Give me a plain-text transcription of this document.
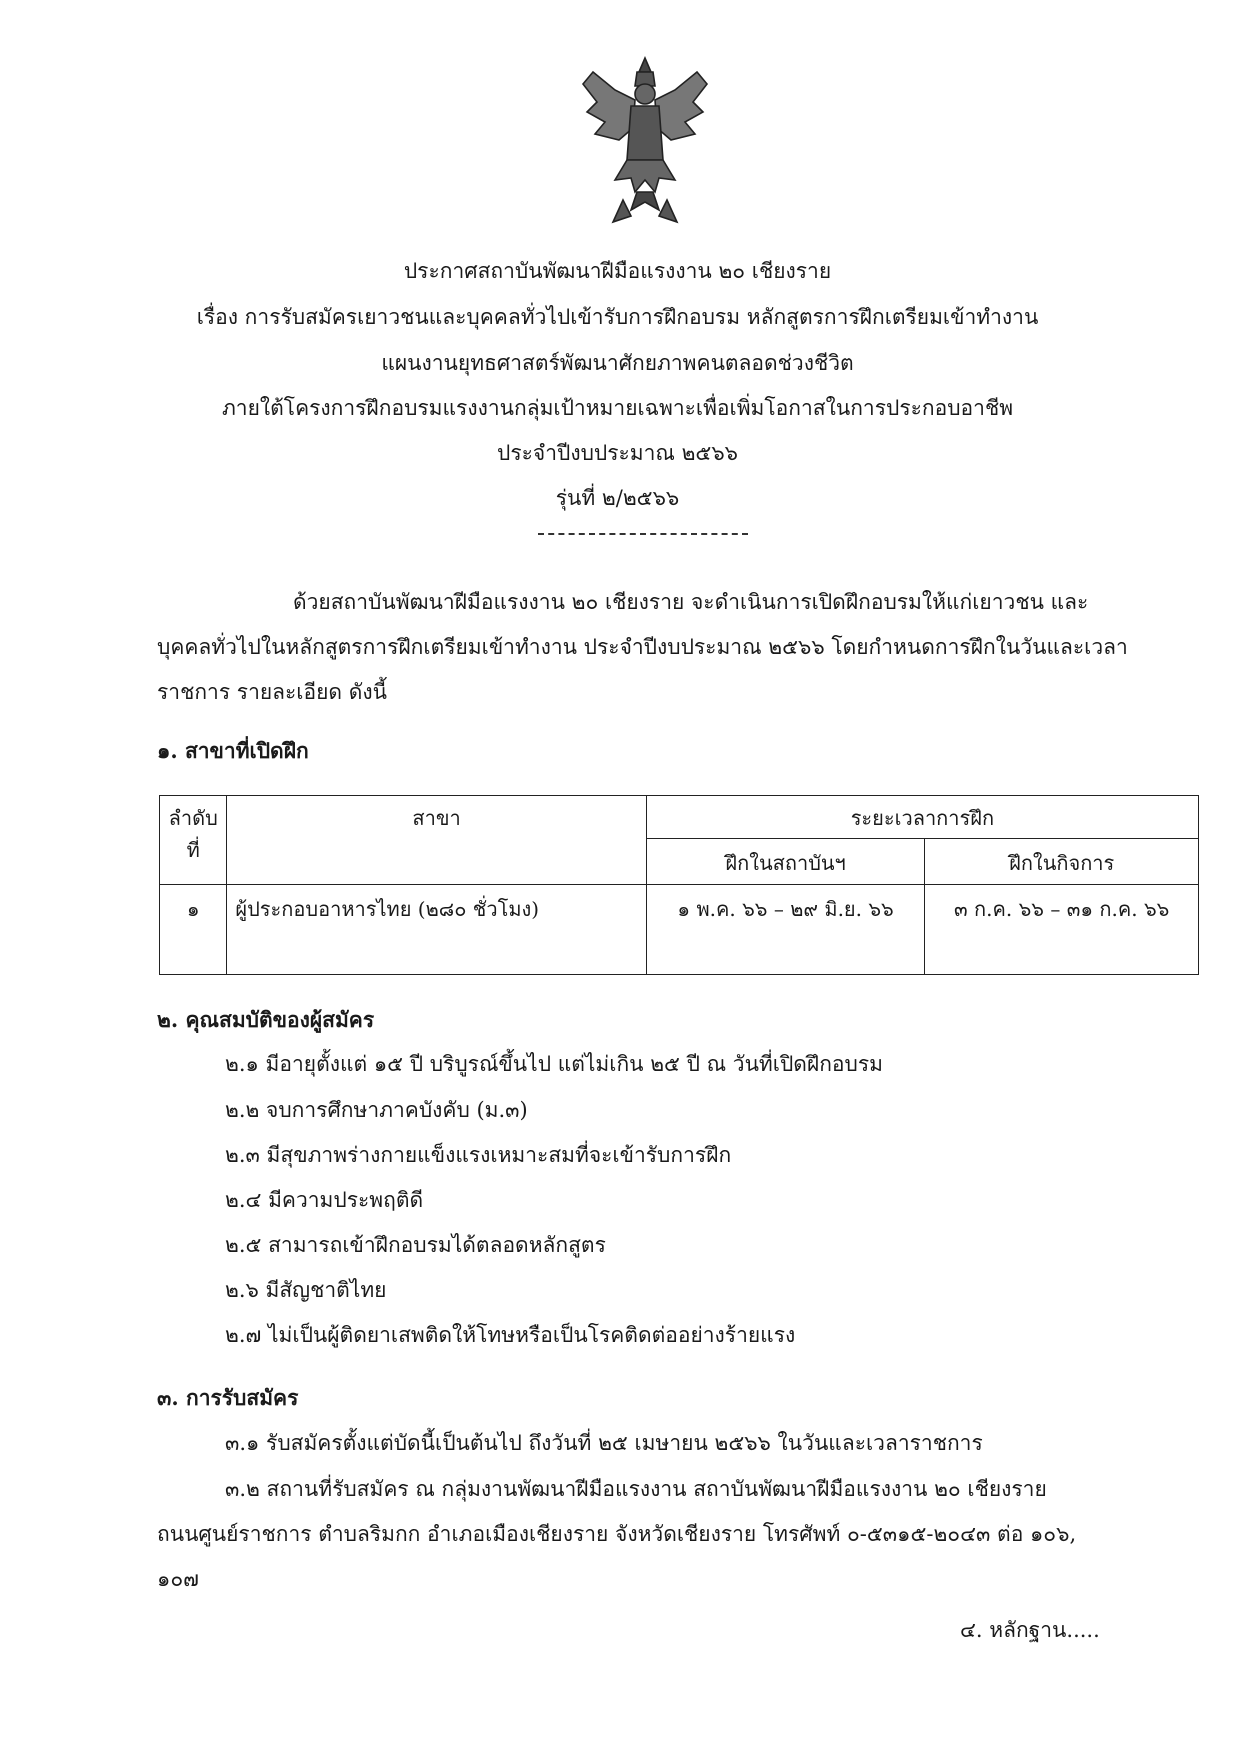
ประกาศสถาบันพัฒนาฝีมือแรงงาน ๒๐ เชียงราย
เรื่อง การรับสมัครเยาวชนและบุคคลทั่วไปเข้ารับการฝึกอบรม หลักสูตรการฝึกเตรียมเข้าทำงาน
แผนงานยุทธศาสตร์พัฒนาศักยภาพคนตลอดช่วงชีวิต
ภายใต้โครงการฝึกอบรมแรงงานกลุ่มเป้าหมายเฉพาะเพื่อเพิ่มโอกาสในการประกอบอาชีพ
ประจำปีงบประมาณ ๒๕๖๖
รุ่นที่ ๒/๒๕๖๖
ด้วยสถาบันพัฒนาฝีมือแรงงาน ๒๐ เชียงราย จะดำเนินการเปิดฝึกอบรมให้แก่เยาวชน และ
บุคคลทั่วไปในหลักสูตรการฝึกเตรียมเข้าทำงาน ประจำปีงบประมาณ ๒๕๖๖ โดยกำหนดการฝึกในวันและเวลา
ราชการ รายละเอียด ดังนี้
๑. สาขาที่เปิดฝึก
ลำดับ
ที่	สาขา	ระยะเวลาการฝึก	
		ฝึกในสถาบันฯ	ฝึกในกิจการ
๑	ผู้ประกอบอาหารไทย (๒๘๐ ชั่วโมง)	๑ พ.ค. ๖๖ – ๒๙ มิ.ย. ๖๖	๓ ก.ค. ๖๖ – ๓๑ ก.ค. ๖๖
๒. คุณสมบัติของผู้สมัคร
๒.๑ มีอายุตั้งแต่ ๑๕ ปี บริบูรณ์ขึ้นไป แต่ไม่เกิน ๒๕ ปี ณ วันที่เปิดฝึกอบรม
๒.๒ จบการศึกษาภาคบังคับ (ม.๓)
๒.๓ มีสุขภาพร่างกายแข็งแรงเหมาะสมที่จะเข้ารับการฝึก
๒.๔ มีความประพฤติดี
๒.๕ สามารถเข้าฝึกอบรมได้ตลอดหลักสูตร
๒.๖ มีสัญชาติไทย
๒.๗ ไม่เป็นผู้ติดยาเสพติดให้โทษหรือเป็นโรคติดต่ออย่างร้ายแรง
๓. การรับสมัคร
๓.๑ รับสมัครตั้งแต่บัดนี้เป็นต้นไป ถึงวันที่ ๒๕ เมษายน ๒๕๖๖ ในวันและเวลาราชการ
๓.๒ สถานที่รับสมัคร ณ กลุ่มงานพัฒนาฝีมือแรงงาน สถาบันพัฒนาฝีมือแรงงาน ๒๐ เชียงราย
ถนนศูนย์ราชการ ตำบลริมกก อำเภอเมืองเชียงราย จังหวัดเชียงราย โทรศัพท์ ๐-๕๓๑๕-๒๐๔๓ ต่อ ๑๐๖,
๑๐๗
๔. หลักฐาน.....
